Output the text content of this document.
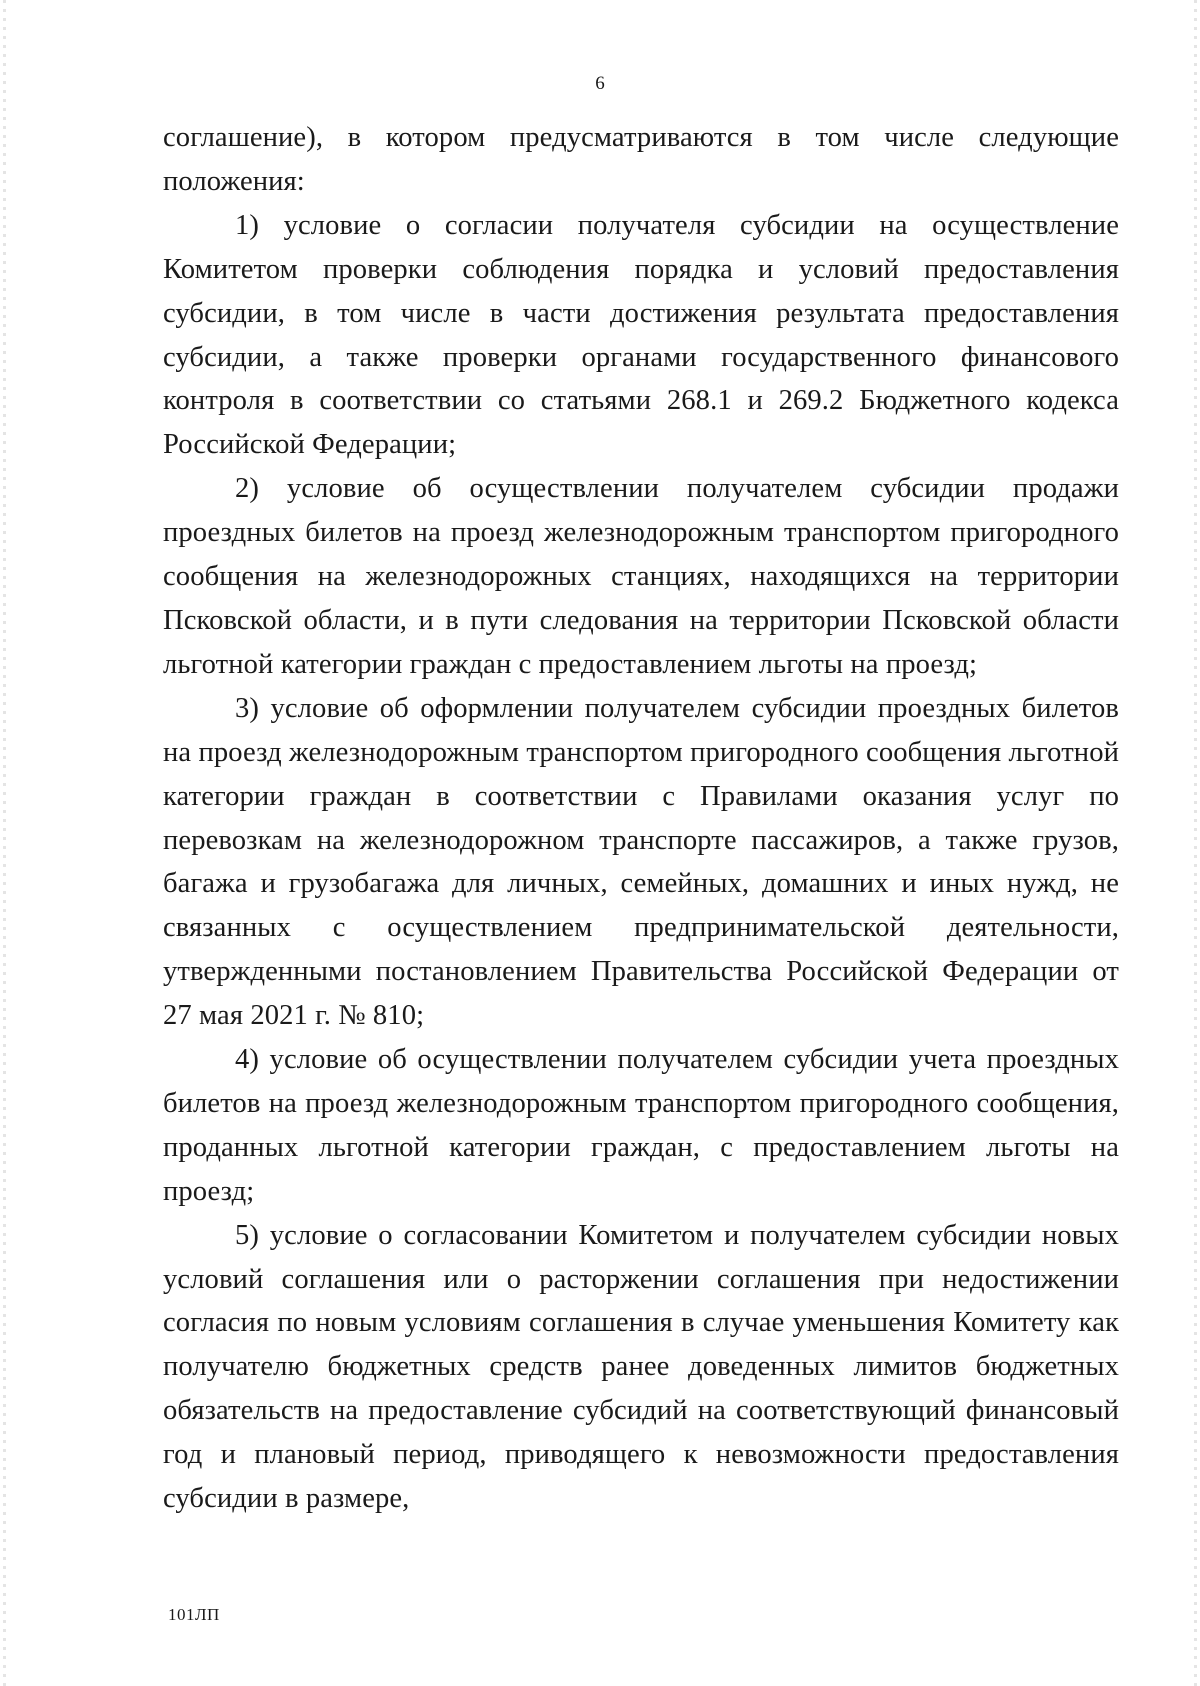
6

соглашение), в котором предусматриваются в том числе следующие положения:

1) условие о согласии получателя субсидии на осуществление Комитетом проверки соблюдения порядка и условий предоставления субсидии, в том числе в части достижения результата предоставления субсидии, а также проверки органами государственного финансового контроля в соответствии со статьями 268.1 и 269.2 Бюджетного кодекса Российской Федерации;

2) условие об осуществлении получателем субсидии продажи проездных билетов на проезд железнодорожным транспортом пригородного сообщения на железнодорожных станциях, находящихся на территории Псковской области, и в пути следования на территории Псковской области льготной категории граждан с предоставлением льготы на проезд;

3) условие об оформлении получателем субсидии проездных билетов на проезд железнодорожным транспортом пригородного сообщения льготной категории граждан в соответствии с Правилами оказания услуг по перевозкам на железнодорожном транспорте пассажиров, а также грузов, багажа и грузобагажа для личных, семейных, домашних и иных нужд, не связанных с осуществлением предпринимательской деятельности, утвержденными постановлением Правительства Российской Федерации от 27 мая 2021 г. № 810;

4) условие об осуществлении получателем субсидии учета проездных билетов на проезд железнодорожным транспортом пригородного сообщения, проданных льготной категории граждан, с предоставлением льготы на проезд;

5) условие о согласовании Комитетом и получателем субсидии новых условий соглашения или о расторжении соглашения при недостижении согласия по новым условиям соглашения в случае уменьшения Комитету как получателю бюджетных средств ранее доведенных лимитов бюджетных обязательств на предоставление субсидий на соответствующий финансовый год и плановый период, приводящего к невозможности предоставления субсидии в размере,

101ЛП
